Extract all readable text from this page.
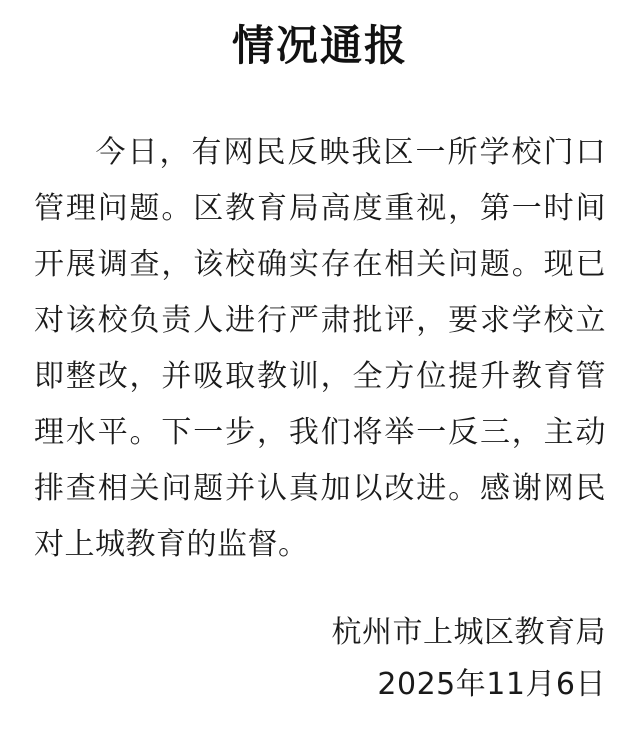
情况通报

今日，有网民反映我区一所学校门口管理问题。区教育局高度重视，第一时间开展调查，该校确实存在相关问题。现已对该校负责人进行严肃批评，要求学校立即整改，并吸取教训，全方位提升教育管理水平。下一步，我们将举一反三，主动排查相关问题并认真加以改进。感谢网民对上城教育的监督。

杭州市上城区教育局
2025年11月6日
